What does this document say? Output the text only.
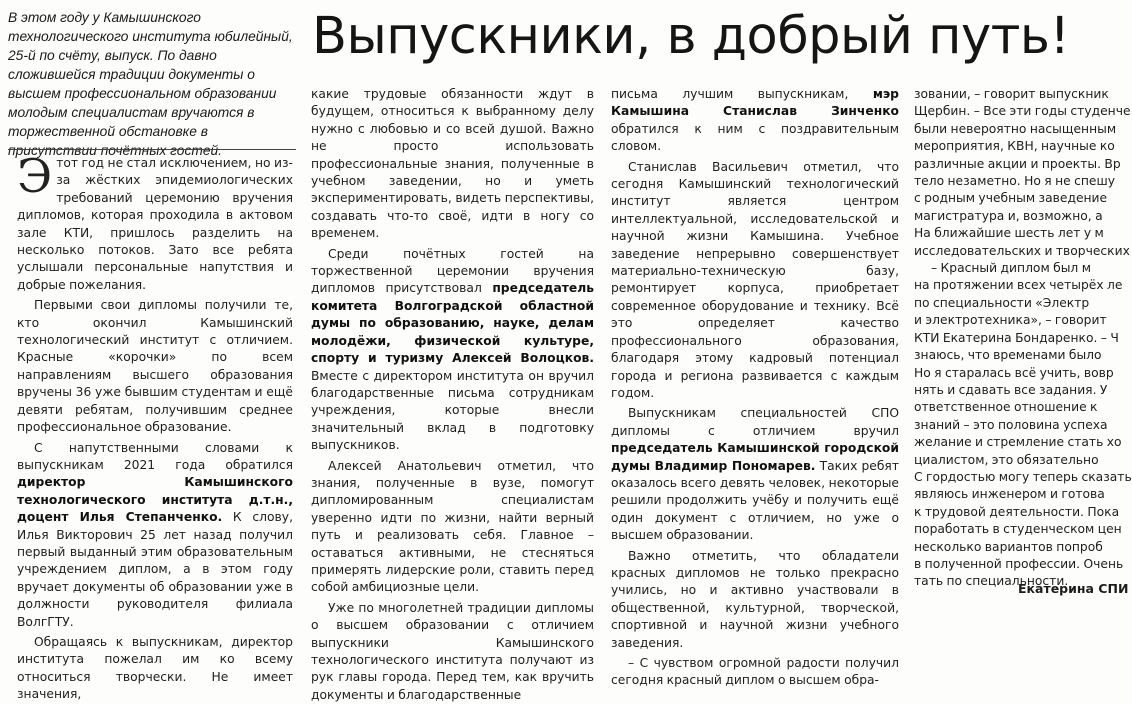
В этом году у Камышинского технологического института юбилейный, 25-й по счёту, выпуск. По давно сложившейся традиции документы о высшем профессиональном образовании молодым специалистам вручаются в торжественной обстановке в присутствии почётных гостей.

Выпускники, в добрый путь!

Этот год не стал исключением, но из-за жёстких эпидемиологических требований церемонию вручения дипломов, которая проходила в актовом зале КТИ, пришлось разделить на несколько потоков. Зато все ребята услышали персональные напутствия и добрые пожелания.

Первыми свои дипломы получили те, кто окончил Камышинский технологический институт с отличием. Красные «корочки» по всем направлениям высшего образования вручены 36 уже бывшим студентам и ещё девяти ребятам, получившим среднее профессиональное образование.

С напутственными словами к выпускникам 2021 года обратился директор Камышинского технологического института д.т.н., доцент Илья Степанченко. К слову, Илья Викторович 25 лет назад получил первый выданный этим образовательным учреждением диплом, а в этом году вручает документы об образовании уже в должности руководителя филиала ВолгГТУ.

Обращаясь к выпускникам, директор института пожелал им ко всему относиться творчески. Не имеет значения,

какие трудовые обязанности ждут в будущем, относиться к выбранному делу нужно с любовью и со всей душой. Важно не просто использовать профессиональные знания, полученные в учебном заведении, но и уметь экспериментировать, видеть перспективы, создавать что-то своё, идти в ногу со временем.

Среди почётных гостей на торжественной церемонии вручения дипломов присутствовал председатель комитета Волгоградской областной думы по образованию, науке, делам молодёжи, физической культуре, спорту и туризму Алексей Волоцков. Вместе с директором института он вручил благодарственные письма сотрудникам учреждения, которые внесли значительный вклад в подготовку выпускников.

Алексей Анатольевич отметил, что знания, полученные в вузе, помогут дипломированным специалистам уверенно идти по жизни, найти верный путь и реализовать себя. Главное – оставаться активными, не стесняться примерять лидерские роли, ставить перед собой амбициозные цели.

Уже по многолетней традиции дипломы о высшем образовании с отличием выпускники Камышинского технологического института получают из рук главы города. Перед тем, как вручить документы и благодарственные

письма лучшим выпускникам, мэр Камышина Станислав Зинченко обратился к ним с поздравительным словом.

Станислав Васильевич отметил, что сегодня Камышинский технологический институт является центром интеллектуальной, исследовательской и научной жизни Камышина. Учебное заведение непрерывно совершенствует материально-техническую базу, ремонтирует корпуса, приобретает современное оборудование и технику. Всё это определяет качество профессионального образования, благодаря этому кадровый потенциал города и региона развивается с каждым годом.

Выпускникам специальностей СПО дипломы с отличием вручил председатель Камышинской городской думы Владимир Пономарев. Таких ребят оказалось всего девять человек, некоторые решили продолжить учёбу и получить ещё один документ с отличием, но уже о высшем образовании.

Важно отметить, что обладатели красных дипломов не только прекрасно учились, но и активно участвовали в общественной, культурной, творческой, спортивной и научной жизни учебного заведения.

– С чувством огромной радости получил сегодня красный диплом о высшем обра-

зовании, – говорит выпускник

Щербин. – Все эти годы студенче

были невероятно насыщенным

мероприятия, КВН, научные ко

различные акции и проекты. Вр

тело незаметно. Но я не спешу

с родным учебным заведение

магистратура и, возможно, а

На ближайшие шесть лет у м

исследовательских и творческих

– Красный диплом был м

на протяжении всех четырёх ле

по специальности «Электр

и электротехника», – говорит

КТИ Екатерина Бондаренко. – Ч

знаюсь, что временами было

Но я старалась всё учить, вовр

нять и сдавать все задания. У

ответственное отношение к

знаний – это половина успеха

желание и стремление стать хо

циалистом, это обязательно

С гордостью могу теперь сказать

являюсь инженером и готова

к трудовой деятельности. Пока

поработать в студенческом цен

несколько вариантов попроб

в полученной профессии. Очень

тать по специальности.

Екатерина СПИ
